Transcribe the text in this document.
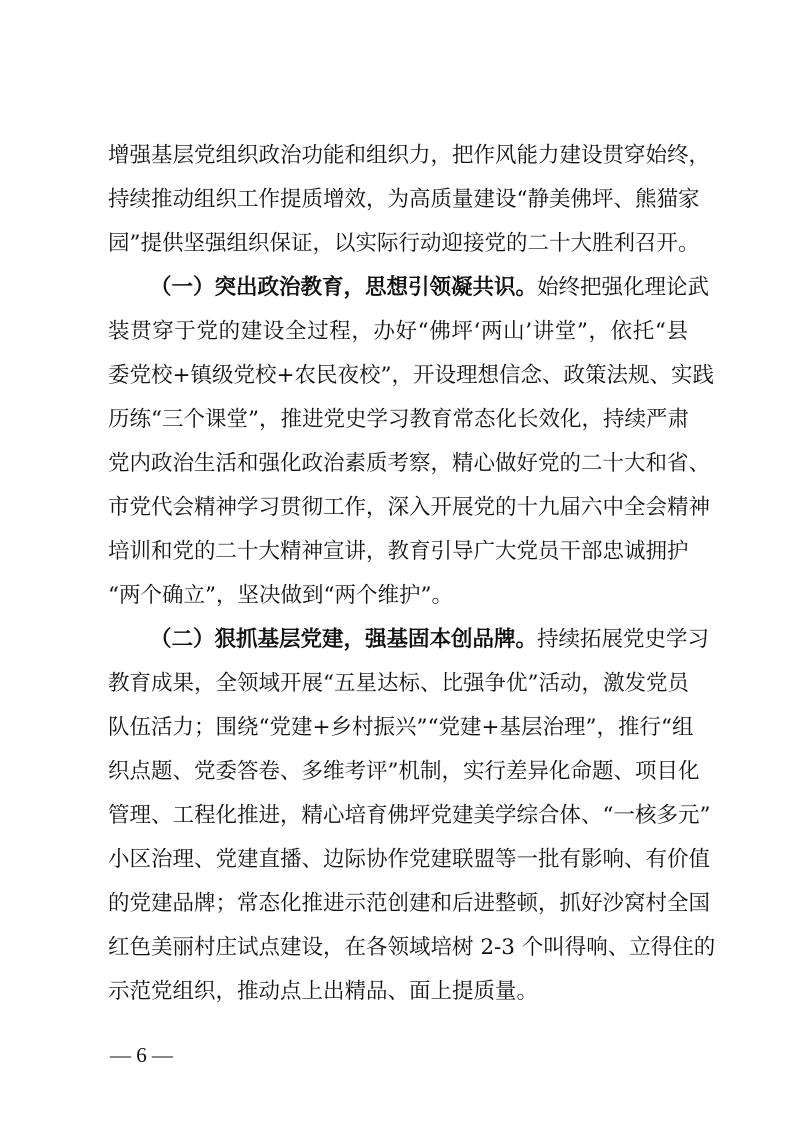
增强基层党组织政治功能和组织力，把作风能力建设贯穿始终，
持续推动组织工作提质增效，为高质量建设“静美佛坪、熊猫家
园”提供坚强组织保证，以实际行动迎接党的二十大胜利召开。
（一）突出政治教育，思想引领凝共识。始终把强化理论武
装贯穿于党的建设全过程，办好“佛坪‘两山’讲堂”，依托“县
委党校+镇级党校+农民夜校”，开设理想信念、政策法规、实践
历练“三个课堂”，推进党史学习教育常态化长效化，持续严肃
党内政治生活和强化政治素质考察，精心做好党的二十大和省、
市党代会精神学习贯彻工作，深入开展党的十九届六中全会精神
培训和党的二十大精神宣讲，教育引导广大党员干部忠诚拥护
“两个确立”，坚决做到“两个维护”。
（二）狠抓基层党建，强基固本创品牌。持续拓展党史学习
教育成果，全领域开展“五星达标、比强争优”活动，激发党员
队伍活力；围绕“党建+乡村振兴”“党建+基层治理”，推行“组
织点题、党委答卷、多维考评”机制，实行差异化命题、项目化
管理、工程化推进，精心培育佛坪党建美学综合体、“一核多元”
小区治理、党建直播、边际协作党建联盟等一批有影响、有价值
的党建品牌；常态化推进示范创建和后进整顿，抓好沙窝村全国
红色美丽村庄试点建设，在各领域培树 2-3 个叫得响、立得住的
示范党组织，推动点上出精品、面上提质量。
— 6 —
